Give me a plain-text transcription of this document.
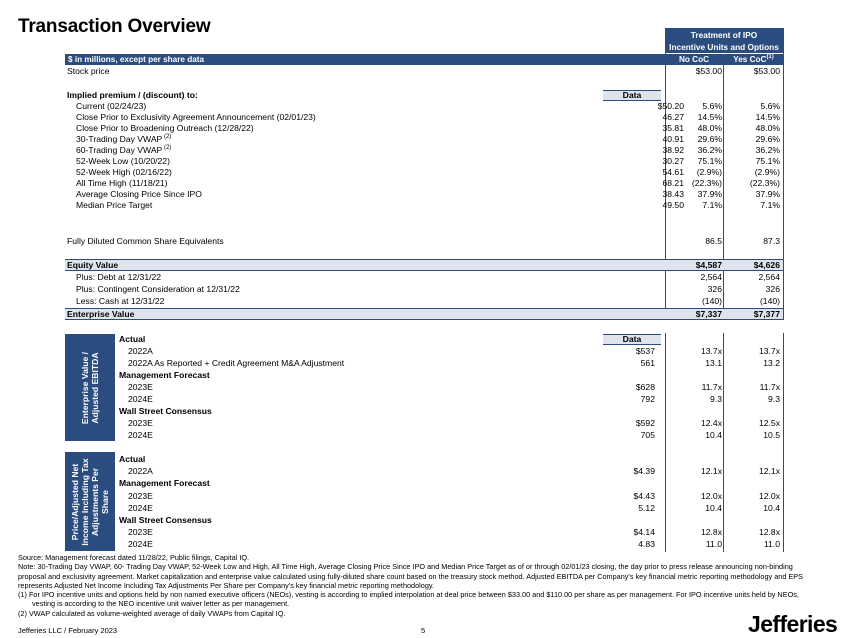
Transaction Overview	Treatment of IPO
Incentive Units and Options
$ in millions, except per share data	No CoC	Yes CoC$^{(1)}$
Stock price	$53.00	$53.00
Implied premium / (discount) to:	Data
Current (02/24/23)	$50.20	5.6%	5.6%
Close Prior to Exclusivity Agreement Announcement (02/01/23)	46.27	14.5%	14.5%
Close Prior to Broadening Outreach (12/28/22)	35.81	48.0%	48.0%
30-Trading Day VWAP $^{(2)}$	40.91	29.6%	29.6%
60-Trading Day VWAP $^{(2)}$	38.92	36.2%	36.2%
52-Week Low (10/20/22)	30.27	75.1%	75.1%
52-Week High (02/16/22)	54.61	(2.9%)	(2.9%)
All Time High (11/18/21)	68.21 (22.3%)	(22.3%)
Average Closing Price Since IPO	38.43	37.9%	37.9%
Median Price Target	49.50	7.1%	7.1%
Fully Diluted Common Share Equivalents	86.5	87.3
Equity Value	$4,587	$4,626
Plus: Debt at 12/31/22	2,564	2,564
Plus: Contingent Consideration at 12/31/22	326	326
Less: Cash at 12/31/22	(140)	(140)
Enterprise Value	$7,337	$7,377
Enterprise Value / Adjusted EBITDA
Data
Actual
2022A	$537	13.7x	13.7x
2022A As Reported + Credit Agreement M&A Adjustment	561	13.1	13.2
Management Forecast
2023E	$628	11.7x	11.7x
2024E	792	9.3	9.3
Wall Street Consensus
2023E	$592	12.4x	12.5x
2024E	705	10.4	10.5
Price/Adjusted Net Income Including Tax Adjustments Per Share
Actual
2022A	$4.39	12.1x	12.1x
Management Forecast
2023E	$4.43	12.0x	12.0x
2024E	5.12	10.4	10.4
Wall Street Consensus
2023E	$4.14	12.8x	12.8x
2024E	4.83	11.0	11.0
Source: Management forecast dated 11/28/22, Public filings, Capital IQ.
Note: 30-Trading Day VWAP, 60- Trading Day VWAP, 52-Week Low and High, All Time High, Average Closing Price Since IPO and Median Price Target as of or through 02/01/23 closing, the day prior to press release announcing non-binding proposal and exclusivity agreement. Market capitalization and enterprise value calculated using fully-diluted share count based on the treasury stock method. Adjusted EBITDA per Company's key financial metric reporting methodology and EPS represents Adjusted Net Income Including Tax Adjustments Per Share per Company's key financial metric reporting methodology.
(1) For IPO incentive units and options held by non named executive officers (NEOs), vesting is according to implied interpolation at deal price between $33.00 and $110.00 per share as per management. For IPO incentive units held by NEOs, vesting is according to the NEO incentive unit waiver letter as per management.
(2) VWAP calculated as volume-weighted average of daily VWAPs from Capital IQ.
Jefferies LLC / February 2023	5	Jefferies
